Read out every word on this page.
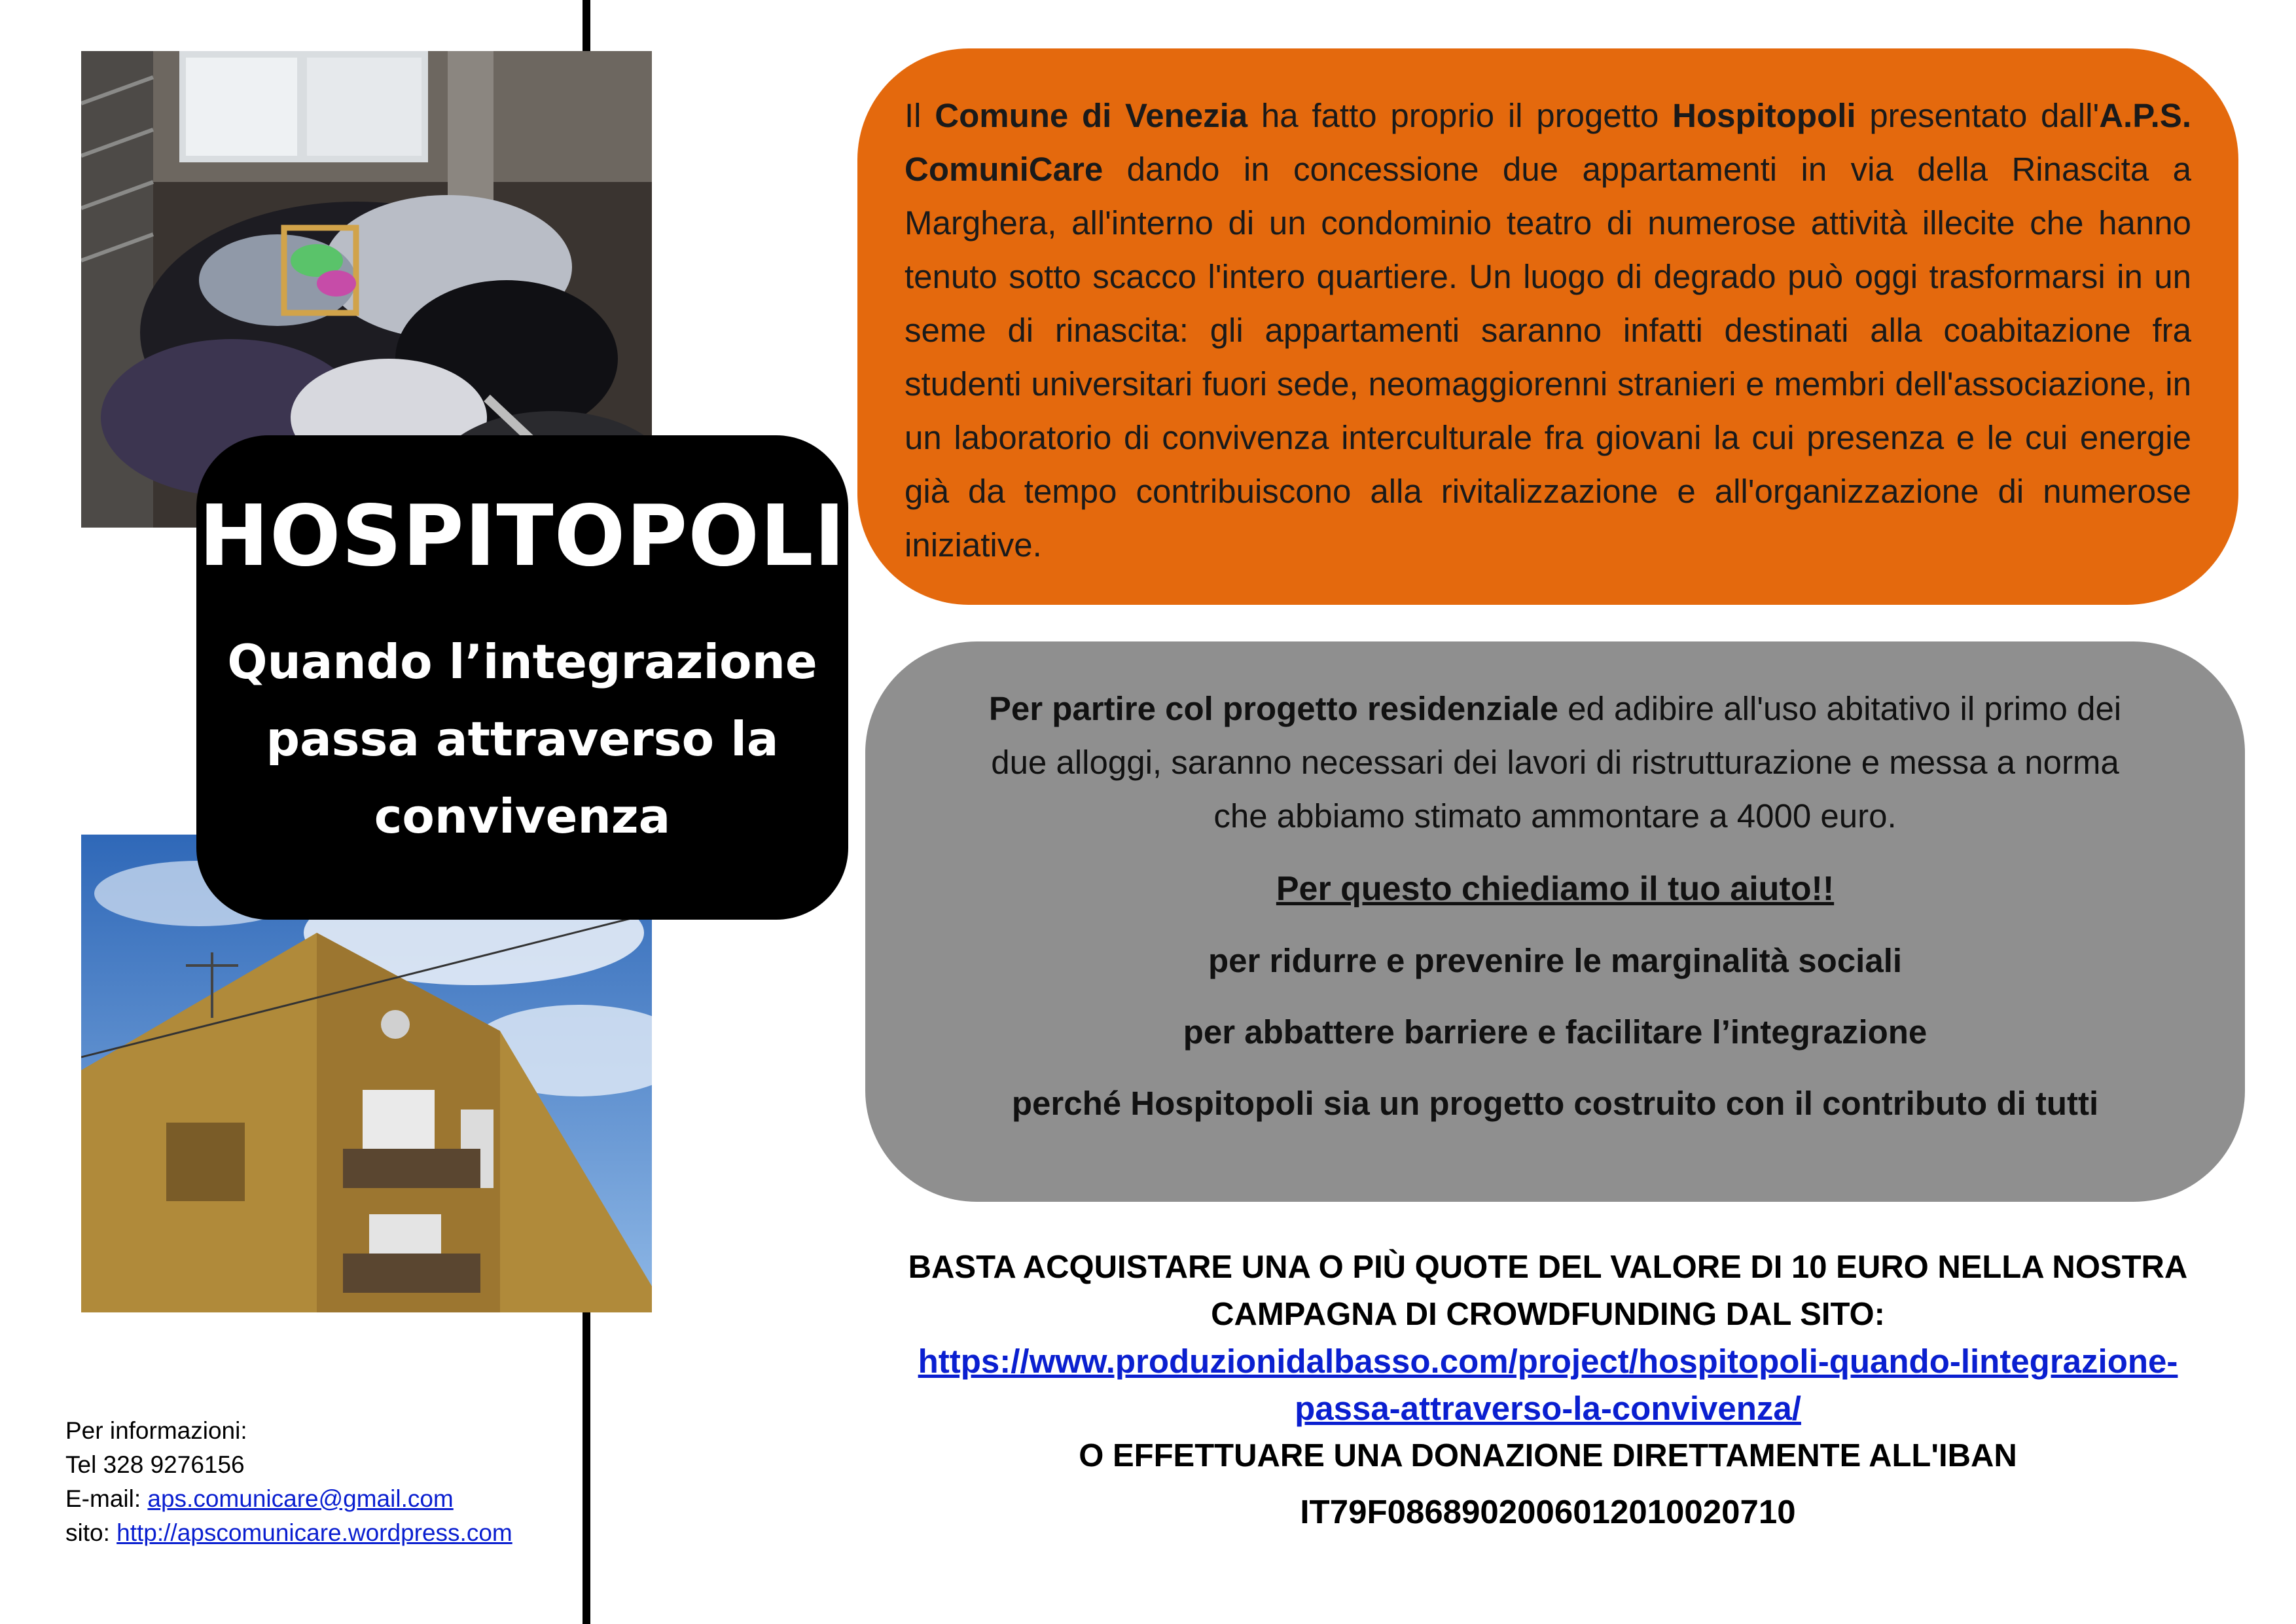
HOSPITOPOLI
Quando l’integrazione
passa attraverso la
convivenza

Il Comune di Venezia ha fatto proprio il progetto Hospitopoli presentato dall'A.P.S. ComuniCare dando in concessione due appartamenti in via della Rinascita a Marghera, all'interno di un condominio teatro di numerose attività illecite che hanno tenuto sotto scacco l'intero quartiere. Un luogo di degrado può oggi trasformarsi in un seme di rinascita: gli appartamenti saranno infatti destinati alla coabitazione fra studenti universitari fuori sede, neomaggiorenni stranieri e membri dell'associazione, in un laboratorio di convivenza interculturale fra giovani la cui presenza e le cui energie già da tempo contribuiscono alla rivitalizzazione e all'organizzazione di numerose iniziative.

Per partire col progetto residenziale ed adibire all'uso abitativo il primo dei due alloggi, saranno necessari dei lavori di ristrutturazione e messa a norma che abbiamo stimato ammontare a 4000 euro.

Per questo chiediamo il tuo aiuto!!

per ridurre e prevenire le marginalità sociali

per abbattere barriere e facilitare l’integrazione

perché Hospitopoli sia un progetto costruito con il contributo di tutti

BASTA ACQUISTARE UNA O PIÙ QUOTE DEL VALORE DI 10 EURO NELLA NOSTRA
CAMPAGNA DI CROWDFUNDING DAL SITO:
https://www.produzionidalbasso.com/project/hospitopoli-quando-lintegrazione-
passa-attraverso-la-convivenza/
O EFFETTUARE UNA DONAZIONE DIRETTAMENTE ALL'IBAN
IT79F0868902006012010020710
Per informazioni:
Tel 328 9276156
E-mail: aps.comunicare@gmail.com
sito: http://apscomunicare.wordpress.com
